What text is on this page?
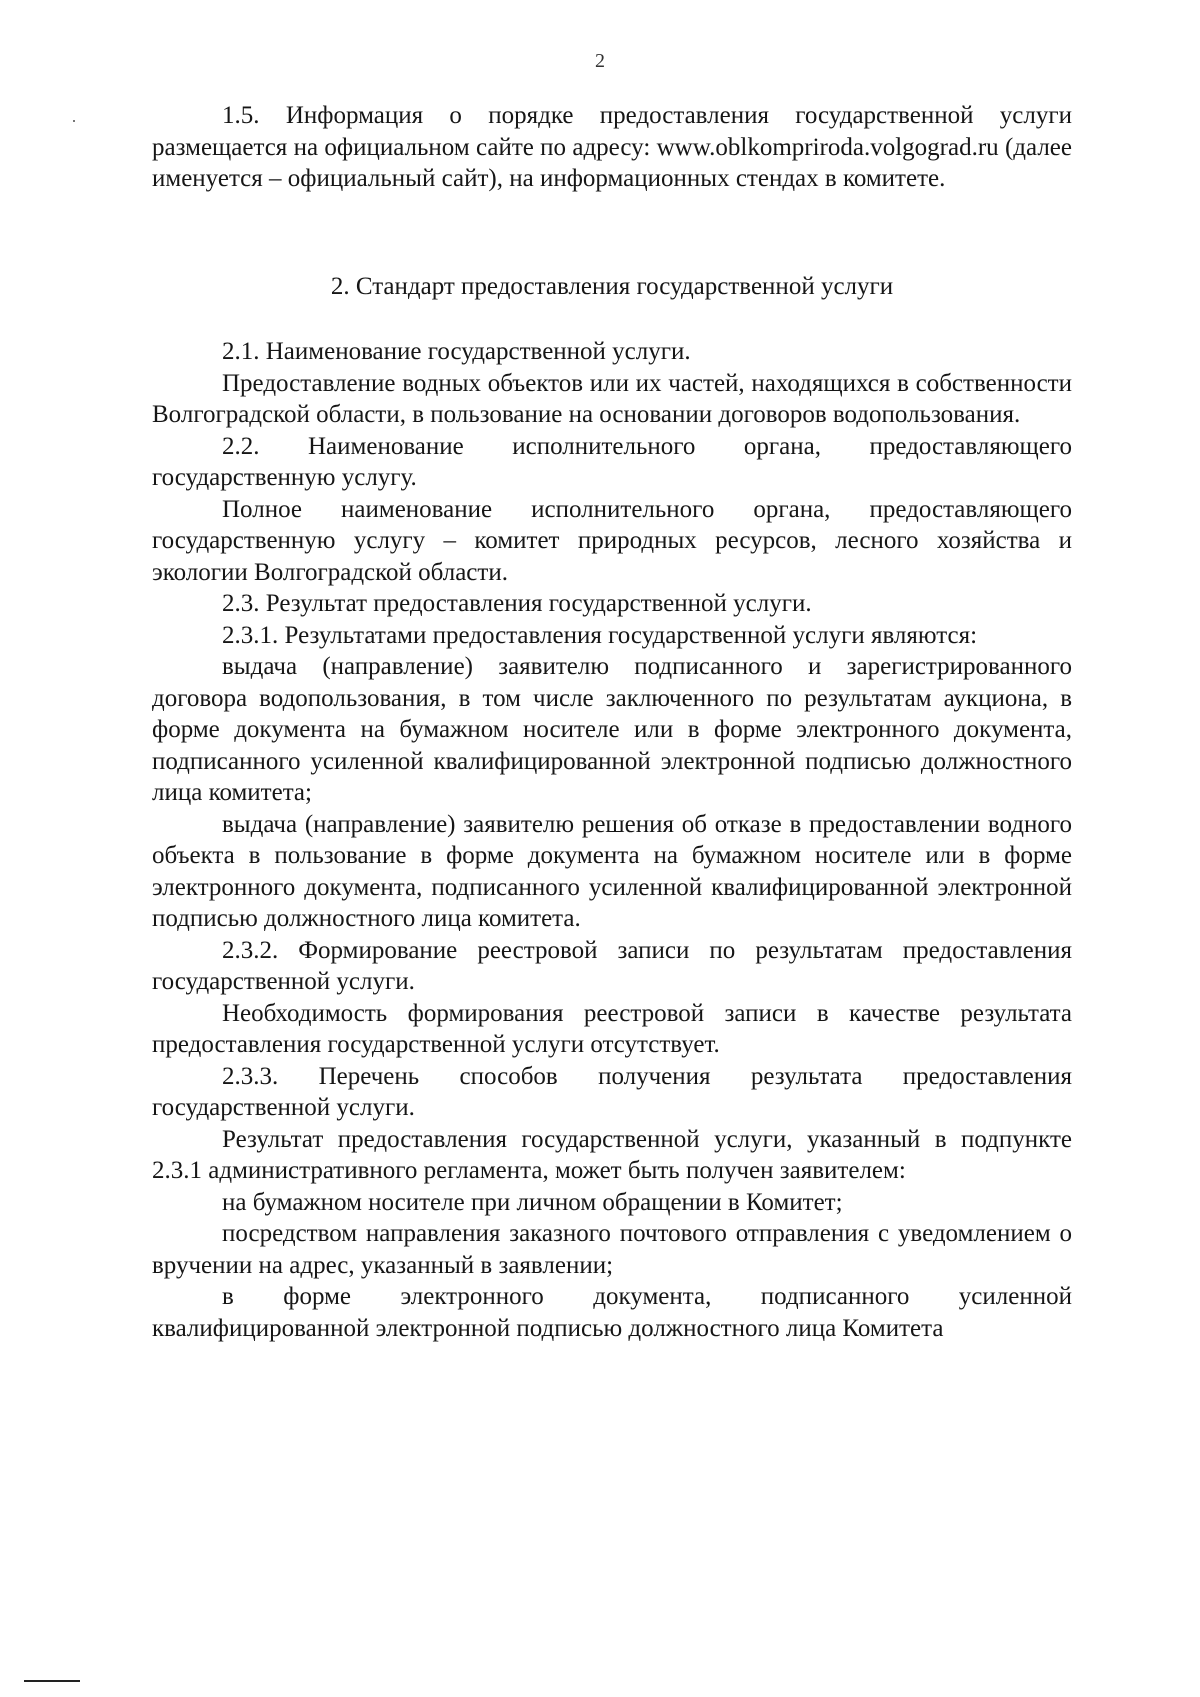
2

1.5. Информация о порядке предоставления государственной услуги размещается на официальном сайте по адресу: www.oblkompriroda.volgograd.ru (далее именуется – официальный сайт), на информационных стендах в комитете.

2. Стандарт предоставления государственной услуги

2.1. Наименование государственной услуги.

Предоставление водных объектов или их частей, находящихся в собственности Волгоградской области, в пользование на основании договоров водопользования.

2.2. Наименование исполнительного органа, предоставляющего государственную услугу.

Полное наименование исполнительного органа, предоставляющего государственную услугу – комитет природных ресурсов, лесного хозяйства и экологии Волгоградской области.

2.3. Результат предоставления государственной услуги.

2.3.1. Результатами предоставления государственной услуги являются:

выдача (направление) заявителю подписанного и зарегистрированного договора водопользования, в том числе заключенного по результатам аукциона, в форме документа на бумажном носителе или в форме электронного документа, подписанного усиленной квалифицированной электронной подписью должностного лица комитета;

выдача (направление) заявителю решения об отказе в предоставлении водного объекта в пользование в форме документа на бумажном носителе или в форме электронного документа, подписанного усиленной квалифицированной электронной подписью должностного лица комитета.

2.3.2. Формирование реестровой записи по результатам предоставления государственной услуги.

Необходимость формирования реестровой записи в качестве результата предоставления государственной услуги отсутствует.

2.3.3. Перечень способов получения результата предоставления государственной услуги.

Результат предоставления государственной услуги, указанный в подпункте 2.3.1 административного регламента, может быть получен заявителем:

на бумажном носителе при личном обращении в Комитет;

посредством направления заказного почтового отправления с уведомлением о вручении на адрес, указанный в заявлении;

в форме электронного документа, подписанного усиленной квалифицированной электронной подписью должностного лица Комитета
